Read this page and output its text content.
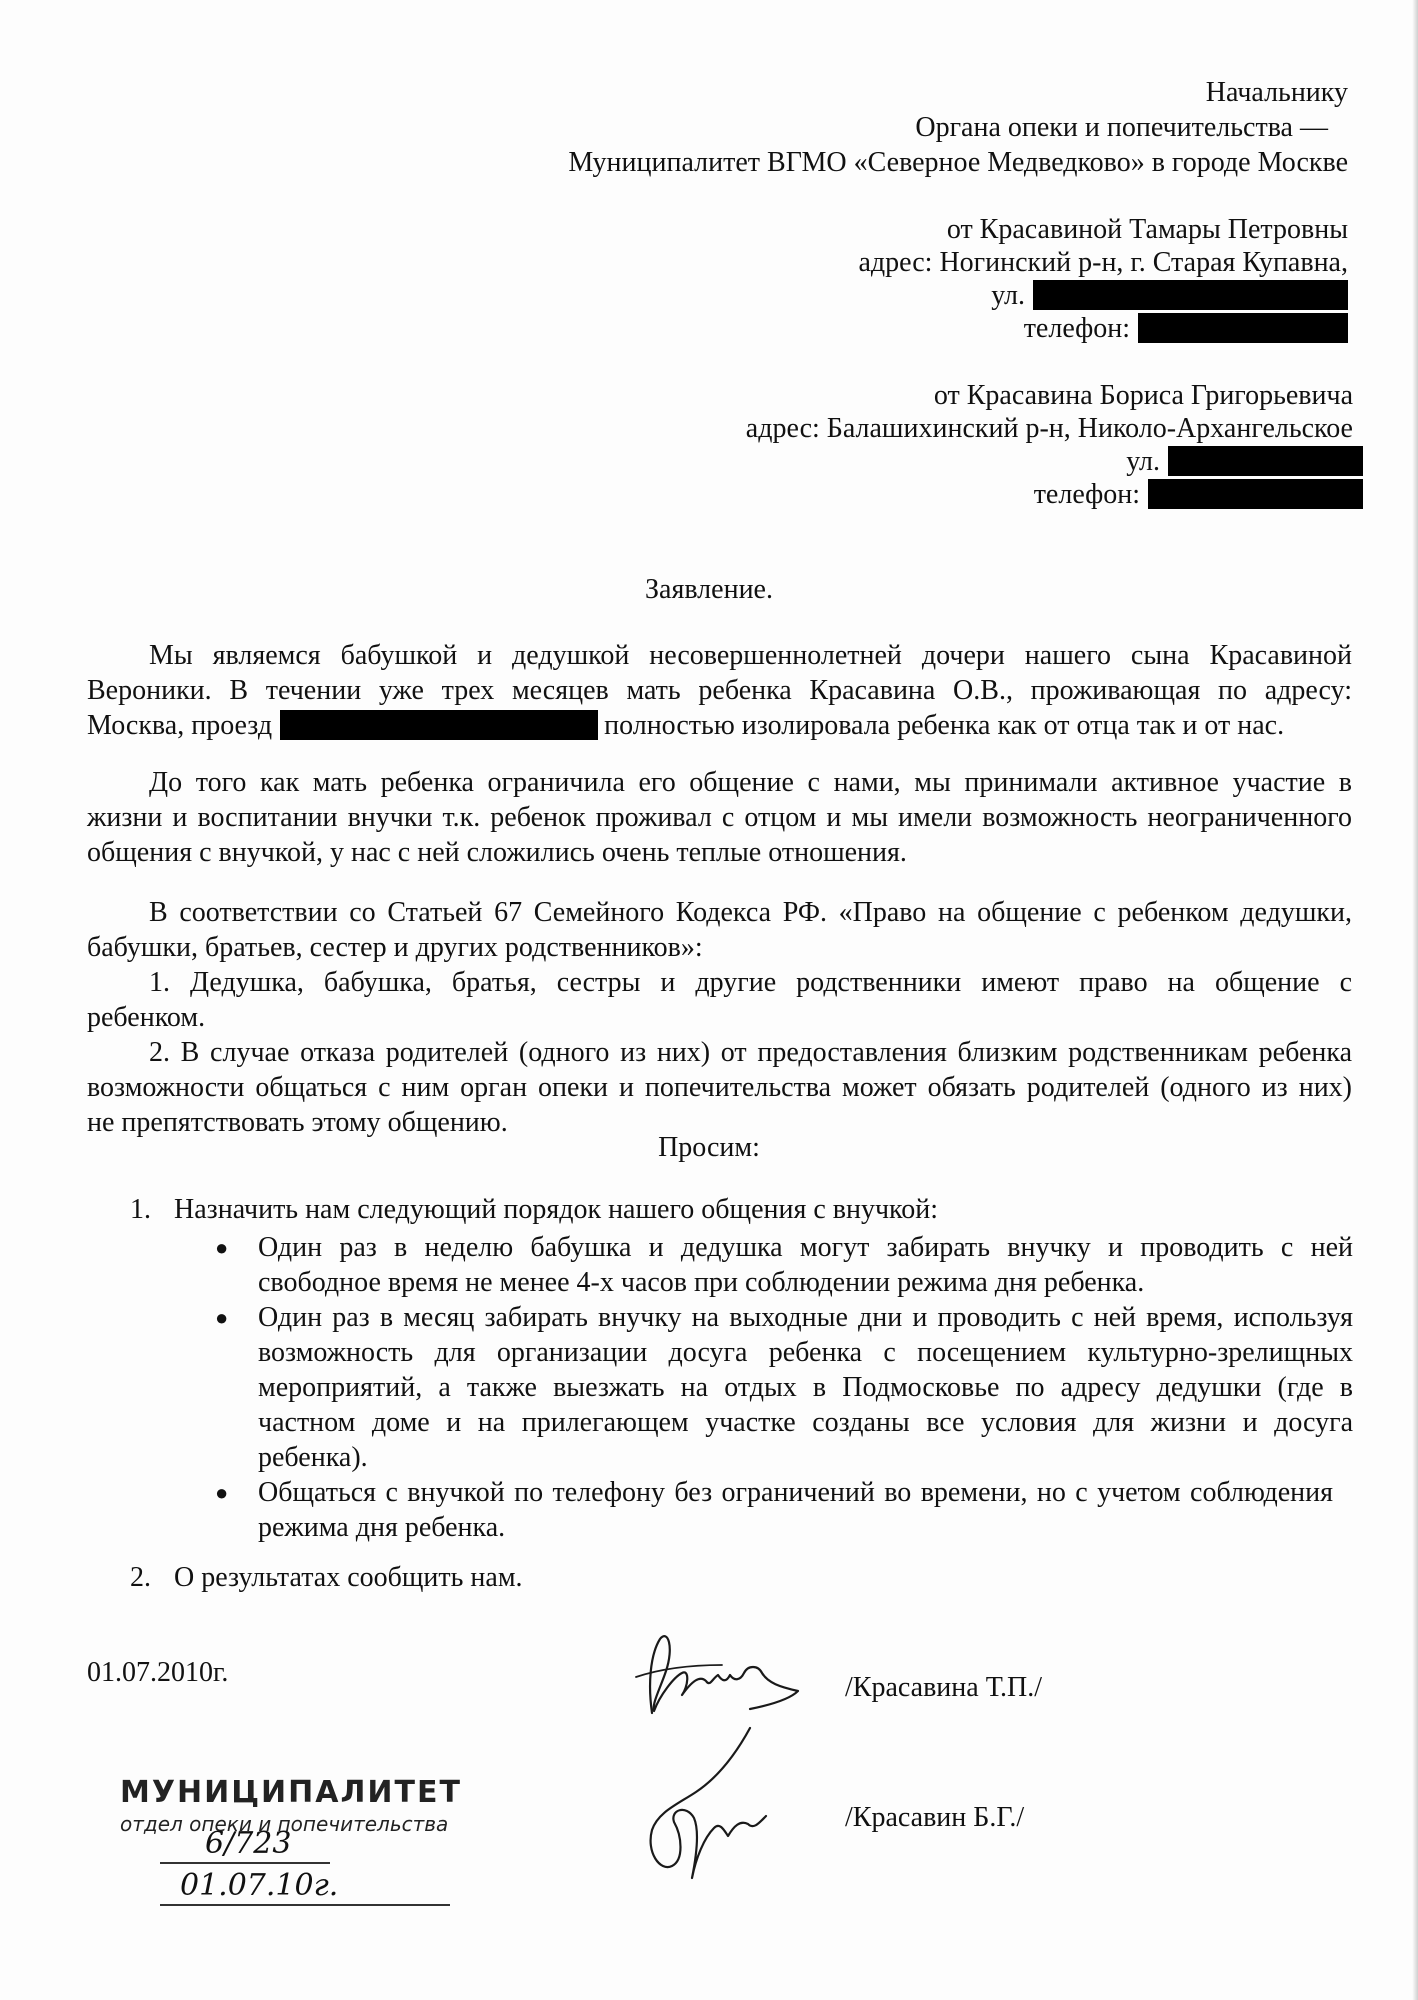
Начальнику
Органа опеки и попечительства —
Муниципалитет ВГМО «Северное Медведково» в городе Москве
от Красавиной Тамары Петровны
адрес: Ногинский р-н, г. Старая Купавна,
ул.
телефон:
от Красавина Бориса Григорьевича
адрес: Балашихинский р-н, Николо-Архангельское
ул.
телефон:
Заявление.
Мы являемся бабушкой и дедушкой несовершеннолетней дочери нашего сына Красавиной
Вероники. В течении уже трех месяцев мать ребенка Красавина О.В., проживающая по адресу:
Москва, проезд	полностью изолировала ребенка как от отца так и от нас.
До того как мать ребенка ограничила его общение с нами, мы принимали активное участие в
жизни и воспитании внучки т.к. ребенок проживал с отцом и мы имели возможность неограниченного
общения с внучкой, у нас с ней сложились очень теплые отношения.
В соответствии со Статьей 67 Семейного Кодекса РФ. «Право на общение с ребенком дедушки,
бабушки, братьев, сестер и других родственников»:
1. Дедушка, бабушка, братья, сестры и другие родственники имеют право на общение с
ребенком.
2. В случае отказа родителей (одного из них) от предоставления близким родственникам ребенка
возможности общаться с ним орган опеки и попечительства может обязать родителей (одного из них)
не препятствовать этому общению.
Просим:
1. Назначить нам следующий порядок нашего общения с внучкой:
● Один раз в неделю бабушка и дедушка могут забирать внучку и проводить с ней
свободное время не менее 4-х часов при соблюдении режима дня ребенка.
● Один раз в месяц забирать внучку на выходные дни и проводить с ней время, используя
возможность для организации досуга ребенка с посещением культурно-зрелищных
мероприятий, а также выезжать на отдых в Подмосковье по адресу дедушки (где в
частном доме и на прилегающем участке созданы все условия для жизни и досуга
ребенка).
● Общаться с внучкой по телефону без ограничений во времени, но с учетом соблюдения
режима дня ребенка.
2. О результатах сообщить нам.
01.07.2010г.	/Красавина Т.П./
/Красавин Б.Г./
МУНИЦИПАЛИТЕТ
отдел опеки и попечительства
6/723
01.07.10г.
